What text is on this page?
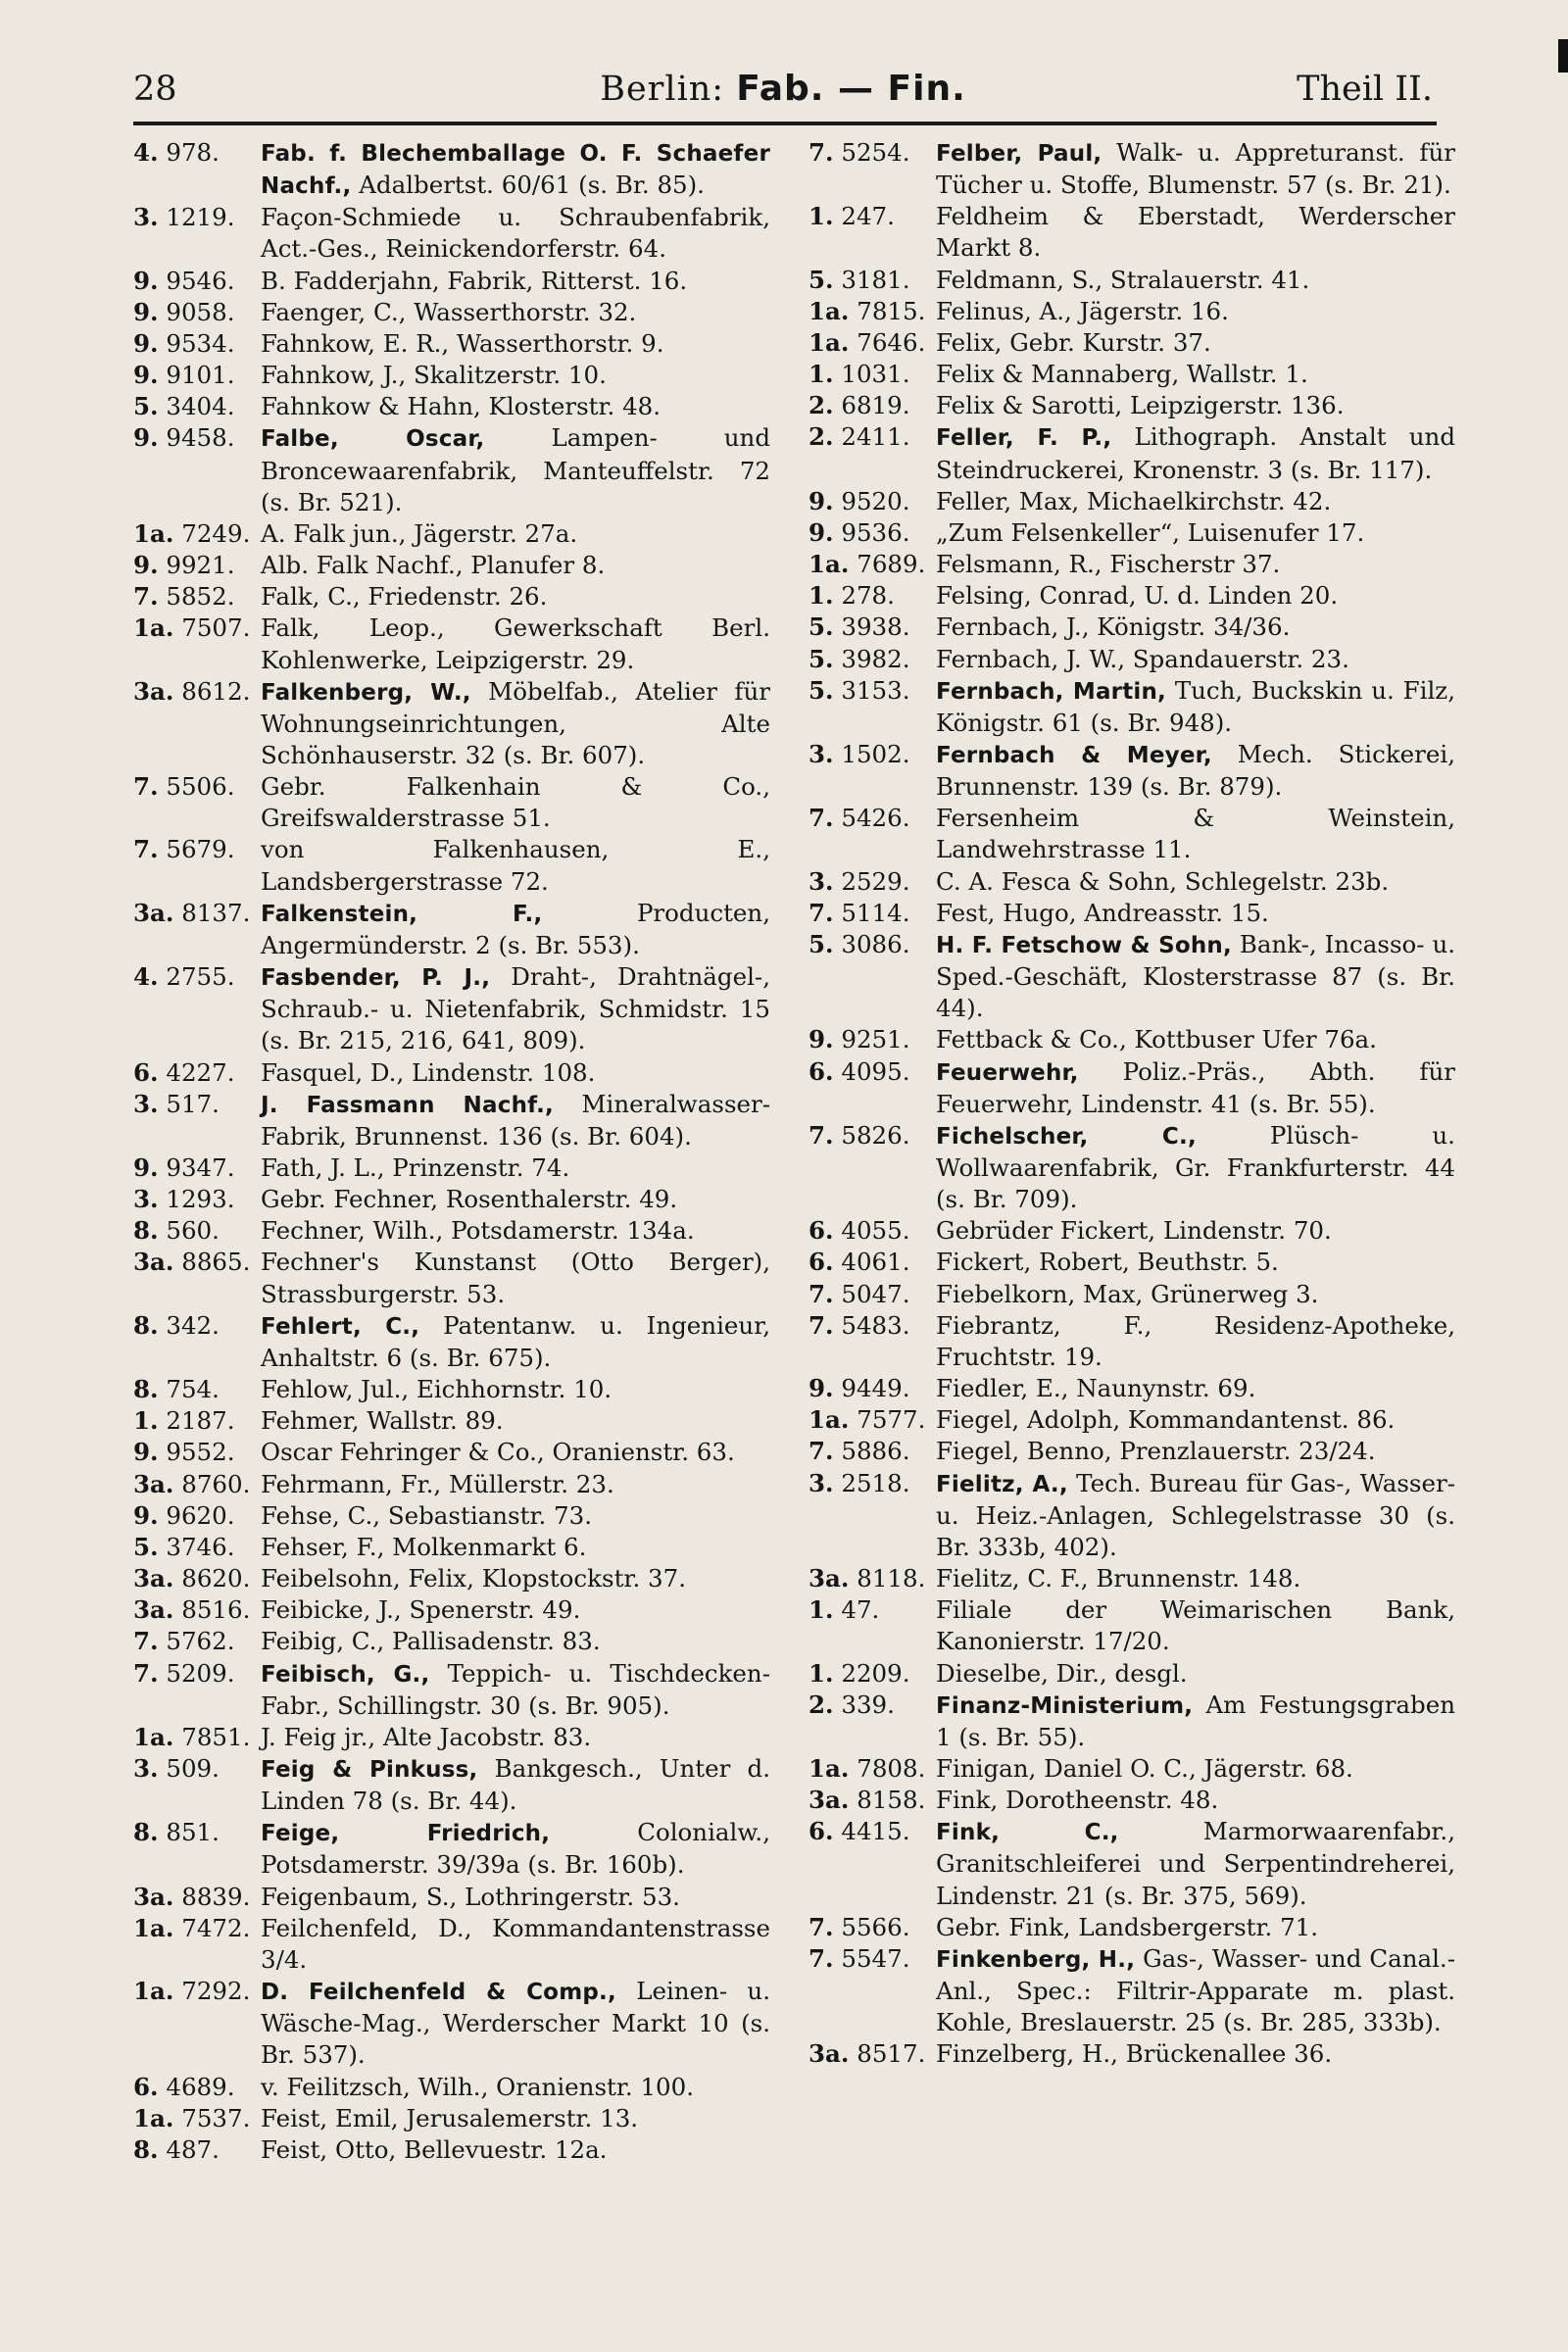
28	Berlin: Fab. — Fin.	Theil II.
4. 978.	Fab. f. Blechemballage O. F. Schaefer Nachf., Adalbertst. 60/61 (s. Br. 85).
3. 1219.	Façon-Schmiede u. Schraubenfabrik, Act.-Ges., Reinickendorferstr. 64.
9. 9546.	B. Fadderjahn, Fabrik, Ritterst. 16.
9. 9058.	Faenger, C., Wasserthorstr. 32.
9. 9534.	Fahnkow, E. R., Wasserthorstr. 9.
9. 9101.	Fahnkow, J., Skalitzerstr. 10.
5. 3404.	Fahnkow & Hahn, Klosterstr. 48.
9. 9458.	Falbe, Oscar, Lampen- und Broncewaarenfabrik, Manteuffelstr. 72 (s. Br. 521).
1a. 7249. A. Falk jun., Jägerstr. 27a.
9. 9921.	Alb. Falk Nachf., Planufer 8.
7. 5852.	Falk, C., Friedenstr. 26.
1a. 7507. Falk, Leop., Gewerkschaft Berl. Kohlenwerke, Leipzigerstr. 29.
3a. 8612. Falkenberg, W., Möbelfab., Atelier für Wohnungseinrichtungen, Alte Schönhauserstr. 32 (s. Br. 607).
7. 5506.	Gebr. Falkenhain & Co., Greifswalderstrasse 51.
7. 5679.	von Falkenhausen, E., Landsbergerstrasse 72.
3a. 8137. Falkenstein, F., Producten, Angermünderstr. 2 (s. Br. 553).
4. 2755.	Fasbender, P. J., Draht-, Drahtnägel-, Schraub.- u. Nietenfabrik, Schmidstr. 15 (s. Br. 215, 216, 641, 809).
6. 4227.	Fasquel, D., Lindenstr. 108.
3. 517.	J. Fassmann Nachf., Mineralwasser-Fabrik, Brunnenst. 136 (s. Br. 604).
9. 9347.	Fath, J. L., Prinzenstr. 74.
3. 1293.	Gebr. Fechner, Rosenthalerstr. 49.
8. 560.	Fechner, Wilh., Potsdamerstr. 134a.
3a. 8865. Fechner's Kunstanst (Otto Berger), Strassburgerstr. 53.
8. 342.	Fehlert, C., Patentanw. u. Ingenieur, Anhaltstr. 6 (s. Br. 675).
8. 754.	Fehlow, Jul., Eichhornstr. 10.
1. 2187.	Fehmer, Wallstr. 89.
9. 9552.	Oscar Fehringer & Co., Oranienstr. 63.
3a. 8760. Fehrmann, Fr., Müllerstr. 23.
9. 9620.	Fehse, C., Sebastianstr. 73.
5. 3746.	Fehser, F., Molkenmarkt 6.
3a. 8620. Feibelsohn, Felix, Klopstockstr. 37.
3a. 8516. Feibicke, J., Spenerstr. 49.
7. 5762.	Feibig, C., Pallisadenstr. 83.
7. 5209.	Feibisch, G., Teppich- u. Tischdecken-Fabr., Schillingstr. 30 (s. Br. 905).
1a. 7851. J. Feig jr., Alte Jacobstr. 83.
3. 509.	Feig & Pinkuss, Bankgesch., Unter d. Linden 78 (s. Br. 44).
8. 851.	Feige, Friedrich, Colonialw., Potsdamerstr. 39/39a (s. Br. 160b).
3a. 8839. Feigenbaum, S., Lothringerstr. 53.
1a. 7472. Feilchenfeld, D., Kommandantenstrasse 3/4.
1a. 7292. D. Feilchenfeld & Comp., Leinen- u. Wäsche-Mag., Werderscher Markt 10 (s. Br. 537).
6. 4689.	v. Feilitzsch, Wilh., Oranienstr. 100.
1a. 7537. Feist, Emil, Jerusalemerstr. 13.
8. 487.	Feist, Otto, Bellevuestr. 12a.
7. 5254.	Felber, Paul, Walk- u. Appreturanst. für Tücher u. Stoffe, Blumenstr. 57 (s. Br. 21).
1. 247.	Feldheim & Eberstadt, Werderscher Markt 8.
5. 3181.	Feldmann, S., Stralauerstr. 41.
1a. 7815. Felinus, A., Jägerstr. 16.
1a. 7646. Felix, Gebr. Kurstr. 37.
1. 1031.	Felix & Mannaberg, Wallstr. 1.
2. 6819.	Felix & Sarotti, Leipzigerstr. 136.
2. 2411.	Feller, F. P., Lithograph. Anstalt und Steindruckerei, Kronenstr. 3 (s. Br. 117).
9. 9520.	Feller, Max, Michaelkirchstr. 42.
9. 9536.	„Zum Felsenkeller“, Luisenufer 17.
1a. 7689. Felsmann, R., Fischerstr 37.
1. 278.	Felsing, Conrad, U. d. Linden 20.
5. 3938.	Fernbach, J., Königstr. 34/36.
5. 3982.	Fernbach, J. W., Spandauerstr. 23.
5. 3153.	Fernbach, Martin, Tuch, Buckskin u. Filz, Königstr. 61 (s. Br. 948).
3. 1502.	Fernbach & Meyer, Mech. Stickerei, Brunnenstr. 139 (s. Br. 879).
7. 5426.	Fersenheim & Weinstein, Landwehrstrasse 11.
3. 2529.	C. A. Fesca & Sohn, Schlegelstr. 23b.
7. 5114.	Fest, Hugo, Andreasstr. 15.
5. 3086.	H. F. Fetschow & Sohn, Bank-, Incasso- u. Sped.-Geschäft, Klosterstrasse 87 (s. Br. 44).
9. 9251.	Fettback & Co., Kottbuser Ufer 76a.
6. 4095.	Feuerwehr, Poliz.-Präs., Abth. für Feuerwehr, Lindenstr. 41 (s. Br. 55).
7. 5826.	Fichelscher, C., Plüsch- u. Wollwaarenfabrik, Gr. Frankfurterstr. 44 (s. Br. 709).
6. 4055.	Gebrüder Fickert, Lindenstr. 70.
6. 4061.	Fickert, Robert, Beuthstr. 5.
7. 5047.	Fiebelkorn, Max, Grünerweg 3.
7. 5483.	Fiebrantz, F., Residenz-Apotheke, Fruchtstr. 19.
9. 9449.	Fiedler, E., Naunynstr. 69.
1a. 7577. Fiegel, Adolph, Kommandantenst. 86.
7. 5886.	Fiegel, Benno, Prenzlauerstr. 23/24.
3. 2518.	Fielitz, A., Tech. Bureau für Gas-, Wasser- u. Heiz.-Anlagen, Schlegelstrasse 30 (s. Br. 333b, 402).
3a. 8118. Fielitz, C. F., Brunnenstr. 148.
1. 47.	Filiale der Weimarischen Bank, Kanonierstr. 17/20.
1. 2209.	Dieselbe, Dir., desgl.
2. 339.	Finanz-Ministerium, Am Festungsgraben 1 (s. Br. 55).
1a. 7808. Finigan, Daniel O. C., Jägerstr. 68.
3a. 8158. Fink, Dorotheenstr. 48.
6. 4415.	Fink, C., Marmorwaarenfabr., Granitschleiferei und Serpentindreherei, Lindenstr. 21 (s. Br. 375, 569).
7. 5566.	Gebr. Fink, Landsbergerstr. 71.
7. 5547.	Finkenberg, H., Gas-, Wasser- und Canal.-Anl., Spec.: Filtrir-Apparate m. plast. Kohle, Breslauerstr. 25 (s. Br. 285, 333b).
3a. 8517. Finzelberg, H., Brückenallee 36.
